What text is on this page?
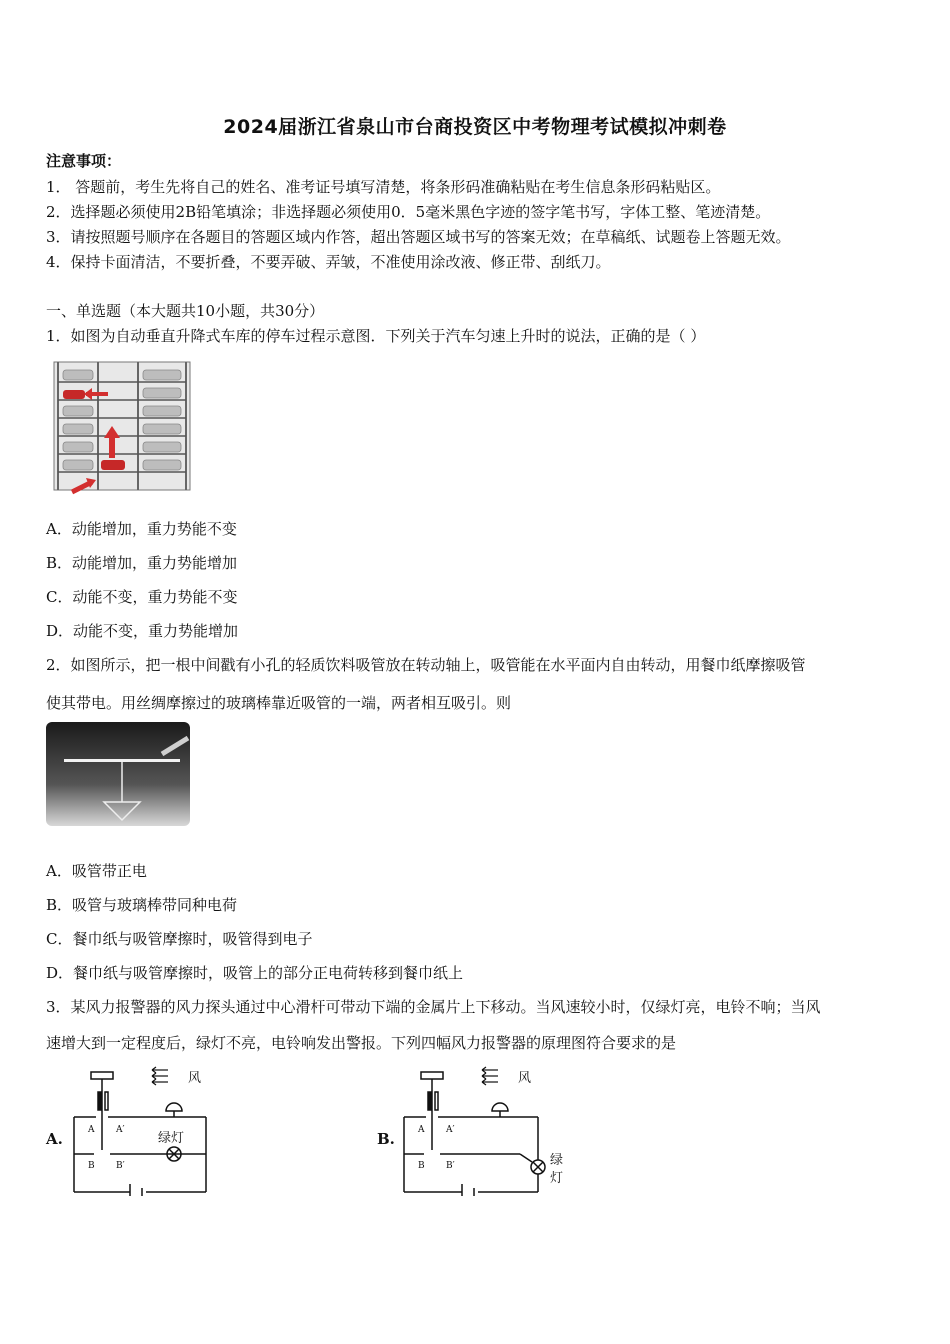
2024届浙江省泉山市台商投资区中考物理考试模拟冲刺卷
注意事项：
1． 答题前，考生先将自己的姓名、准考证号填写清楚，将条形码准确粘贴在考生信息条形码粘贴区。
2．选择题必须使用2B铅笔填涂；非选择题必须使用0．5毫米黑色字迹的签字笔书写，字体工整、笔迹清楚。
3．请按照题号顺序在各题目的答题区域内作答，超出答题区域书写的答案无效；在草稿纸、试题卷上答题无效。
4．保持卡面清洁，不要折叠，不要弄破、弄皱，不准使用涂改液、修正带、刮纸刀。
一、单选题（本大题共10小题，共30分）
1．如图为自动垂直升降式车库的停车过程示意图．下列关于汽车匀速上升时的说法，正确的是（ ）
A．动能增加，重力势能不变
B．动能增加，重力势能增加
C．动能不变，重力势能不变
D．动能不变，重力势能增加
2．如图所示，把一根中间戳有小孔的轻质饮料吸管放在转动轴上，吸管能在水平面内自由转动，用餐巾纸摩擦吸管
使其带电。用丝绸摩擦过的玻璃棒靠近吸管的一端，两者相互吸引。则
A．吸管带正电
B．吸管与玻璃棒带同种电荷
C．餐巾纸与吸管摩擦时，吸管得到电子
D．餐巾纸与吸管摩擦时，吸管上的部分正电荷转移到餐巾纸上
3．某风力报警器的风力探头通过中心滑杆可带动下端的金属片上下移动。当风速较小时，仅绿灯亮，电铃不响；当风
速增大到一定程度后，绿灯不亮，电铃响发出警报。下列四幅风力报警器的原理图符合要求的是
A.	B.
风
A A′
B B′
绿灯
风
A A′
B B′	绿
灯
